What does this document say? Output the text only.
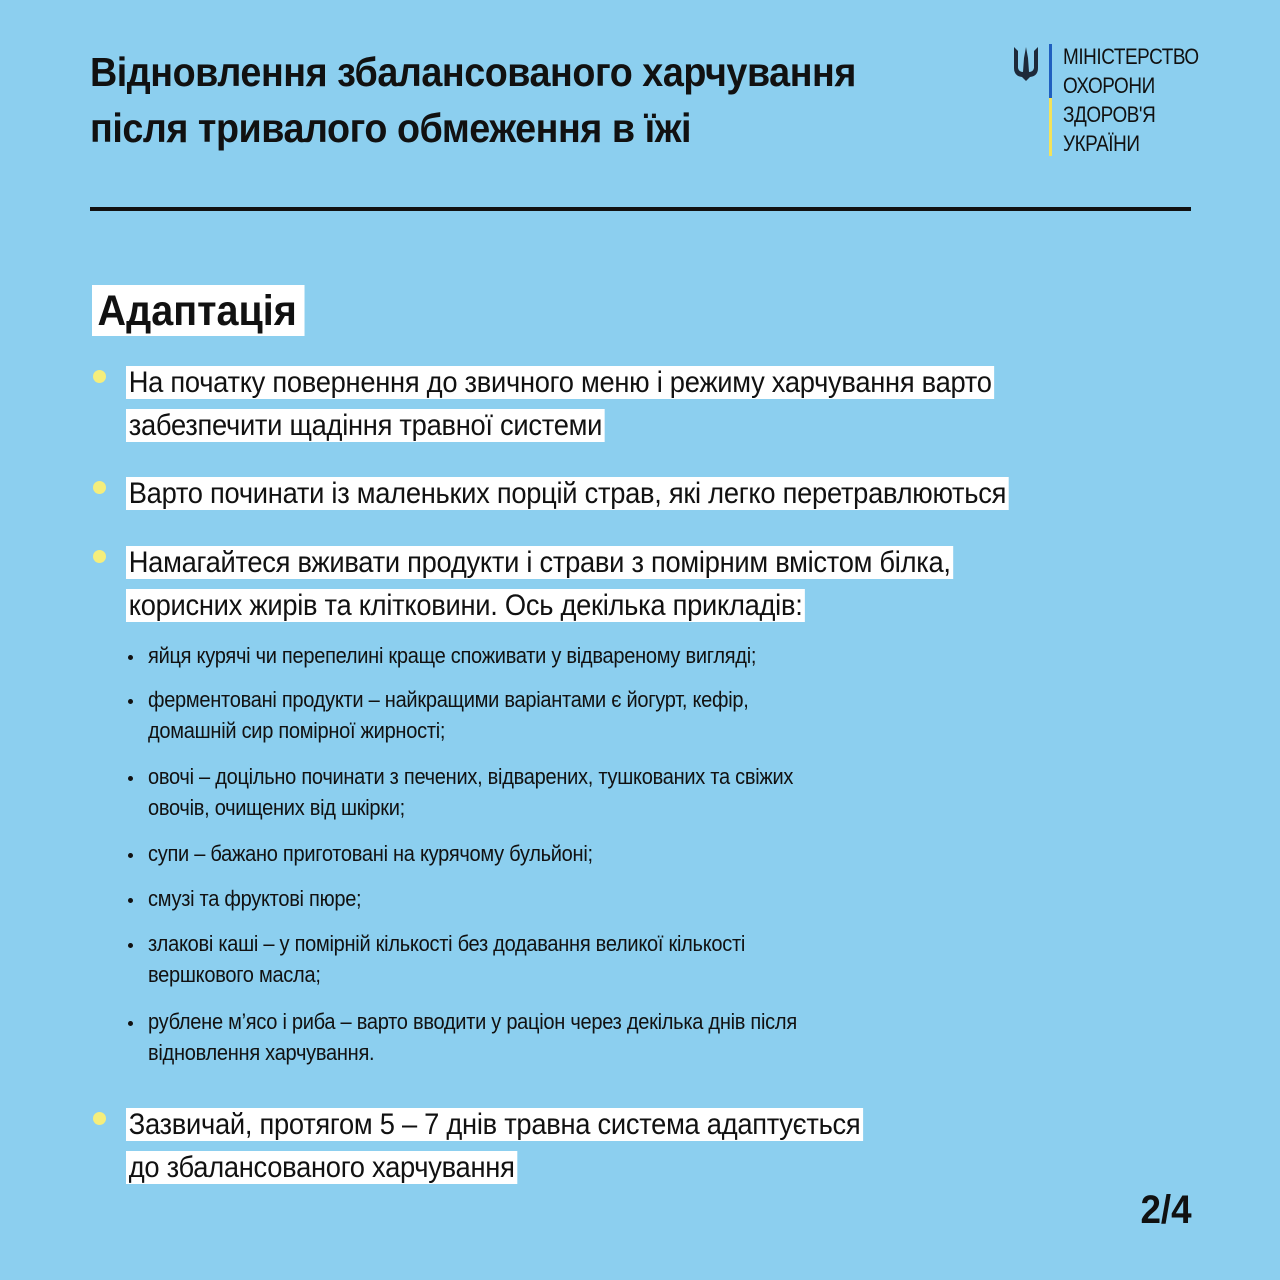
Відновлення збалансованого харчування
після тривалого обмеження в їжі
МІНІСТЕРСТВО
ОХОРОНИ
ЗДОРОВ'Я
УКРАЇНИ
Адаптація
На початку повернення до звичного меню і режиму харчування варто
забезпечити щадіння травної системи
Варто починати із маленьких порцій страв, які легко перетравлюються
Намагайтеся вживати продукти і страви з помірним вмістом білка,
корисних жирів та клітковини. Ось декілька прикладів:
яйця курячі чи перепелині краще споживати у відвареному вигляді;
ферментовані продукти – найкращими варіантами є йогурт, кефір,
домашній сир помірної жирності;
овочі – доцільно починати з печених, відварених, тушкованих та свіжих
овочів, очищених від шкірки;
супи – бажано приготовані на курячому бульйоні;
смузі та фруктові пюре;
злакові каші – у помірній кількості без додавання великої кількості
вершкового масла;
рублене м’ясо і риба – варто вводити у раціон через декілька днів після
відновлення харчування.
Зазвичай, протягом 5 – 7 днів травна система адаптується
до збалансованого харчування
2/4
